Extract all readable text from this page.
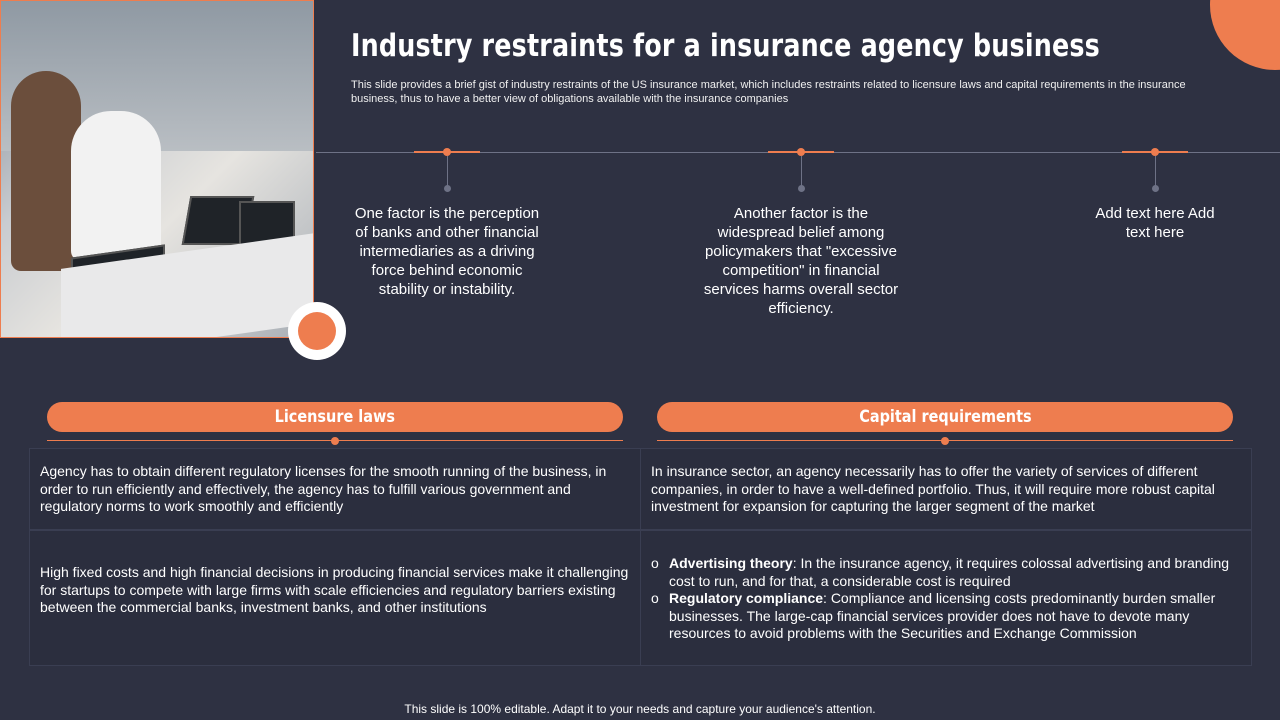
Industry restraints for a insurance agency business
This slide provides a brief gist of industry restraints of the US insurance market, which includes restraints related to licensure laws and capital requirements in the insurance business, thus to have a better view of obligations available with the insurance companies
One factor is the perception of banks and other financial intermediaries as a driving force behind economic stability or instability.
Another factor is the widespread belief among policymakers that "excessive competition" in financial services harms overall sector efficiency.
Add text here Add text here
Licensure laws	Capital requirements
Agency has to obtain different regulatory licenses for the smooth running of the business, in order to run efficiently and effectively, the agency has to fulfill various government and regulatory norms to work smoothly and efficiently
High fixed costs and high financial decisions in producing financial services make it challenging for startups to compete with large firms with scale efficiencies and regulatory barriers existing between the commercial banks, investment banks, and other institutions
In insurance sector, an agency necessarily has to offer the variety of services of different companies, in order to have a well-defined portfolio. Thus, it will require more robust capital investment for expansion for capturing the larger segment of the market
o Advertising theory: In the insurance agency, it requires colossal advertising and branding cost to run, and for that, a considerable cost is required
o Regulatory compliance: Compliance and licensing costs predominantly burden smaller businesses. The large-cap financial services provider does not have to devote many resources to avoid problems with the Securities and Exchange Commission
This slide is 100% editable. Adapt it to your needs and capture your audience's attention.
